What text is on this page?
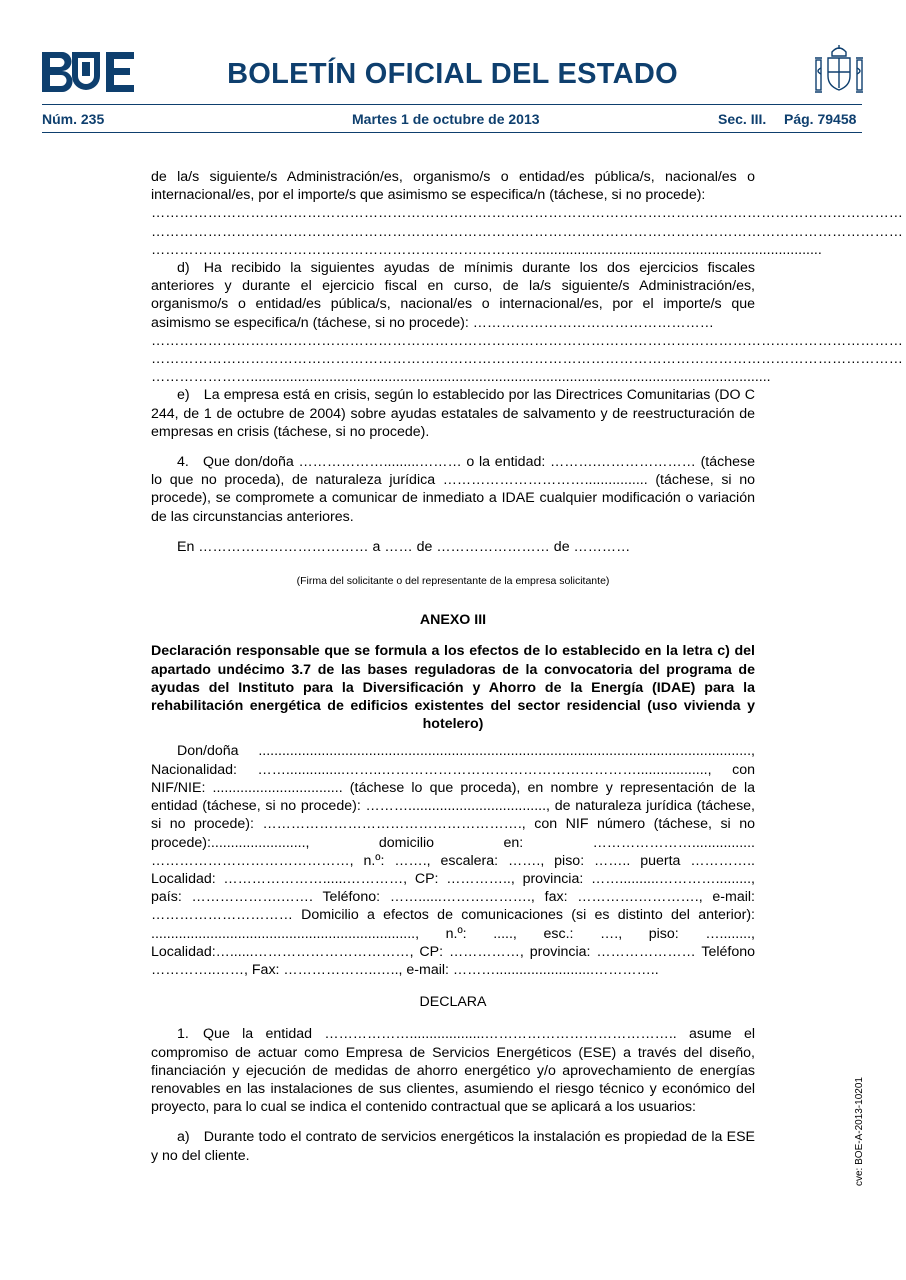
BOLETÍN OFICIAL DEL ESTADO
Núm. 235	Martes 1 de octubre de 2013	Sec. III. Pág. 79458

de la/s siguiente/s Administración/es, organismo/s o entidad/es pública/s, nacional/es o internacional/es, por el importe/s que asimismo se especifica/n (táchese, si no procede):

……………………………………………………………………………………………………………………………………………
……………………………………………………………………………………………………………………………………………
……………………………………………………………………….........................................................................

d) Ha recibido la siguientes ayudas de mínimis durante los dos ejercicios fiscales anteriores y durante el ejercicio fiscal en curso, de la/s siguiente/s Administración/es, organismo/s o entidad/es pública/s, nacional/es o internacional/es, por el importe/s que asimismo se especifica/n (táchese, si no procede): ……………………………………………

……………………………………………………………………………………………………………………………………………
……………………………………………………………………………………………………………………………………………
…………………....................................................................................................................................

e) La empresa está en crisis, según lo establecido por las Directrices Comunitarias (DO C 244, de 1 de octubre de 2004) sobre ayudas estatales de salvamento y de reestructuración de empresas en crisis (táchese, si no procede).

4. Que don/doña ……………….........……… o la entidad: ……….………………… (táchese lo que no proceda), de naturaleza jurídica …………………………................ (táchese, si no procede), se compromete a comunicar de inmediato a IDAE cualquier modificación o variación de las circunstancias anteriores.

En ……………………………… a …… de …………………… de …………

(Firma del solicitante o del representante de la empresa solicitante)

ANEXO III

Declaración responsable que se formula a los efectos de lo establecido en la letra c) del apartado undécimo 3.7 de las bases reguladoras de la convocatoria del programa de ayudas del Instituto para la Diversificación y Ahorro de la Energía (IDAE) para la rehabilitación energética de edificios existentes del sector residencial (uso vivienda y hotelero)

Don/doña ............................................................................................................................., Nacionalidad: ……...............……..……………………………………………….................., con NIF/NIE: ................................. (táchese lo que proceda), en nombre y representación de la entidad (táchese, si no procede): ………..................................., de naturaleza jurídica (táchese, si no procede): ………………………………………………., con NIF número (táchese, si no procede):........................, domicilio en: …………………................ ……………………………………, n.º: ……., escalera: ……., piso: …….. puerta ………….. Localidad: …………………......…………, CP: ………….., provincia: ……..........…………........., país: ……………….……. Teléfono: ……......………………., fax: ………….…………., e-mail: ………………………… Domicilio a efectos de comunicaciones (si es distinto del anterior): ..................................................................., n.º: ....., esc.: …., piso: …........, Localidad:…......……………………………, CP: ……………, provincia: ………………… Teléfono …………..……, Fax: ………………..….., e-mail: ……….........................…………..

DECLARA

1. Que la entidad ………………...................………………………………….. asume el compromiso de actuar como Empresa de Servicios Energéticos (ESE) a través del diseño, financiación y ejecución de medidas de ahorro energético y/o aprovechamiento de energías renovables en las instalaciones de sus clientes, asumiendo el riesgo técnico y económico del proyecto, para lo cual se indica el contenido contractual que se aplicará a los usuarios:

a) Durante todo el contrato de servicios energéticos la instalación es propiedad de la ESE y no del cliente.	cve: BOE-A-2013-10201
